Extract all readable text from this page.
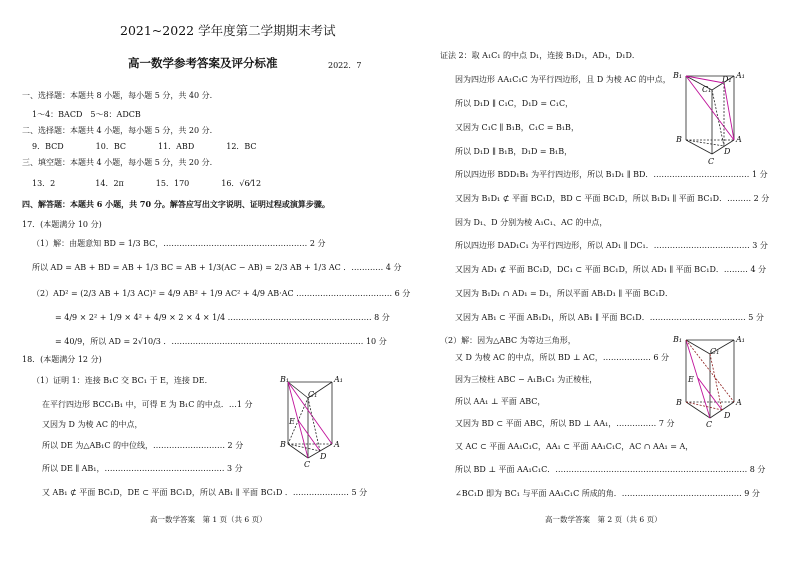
2021~2022 学年度第二学期期末考试
高一数学参考答案及评分标准	2022．7
一、选择题：本题共 8 小题，每小题 5 分，共 40 分.
1～4：BACD　5～8：ADCB
二、选择题：本题共 4 小题，每小题 5 分，共 20 分.
9．BCD　　　　10．BC　　　　11．ABD　　　　12．BC
三、填空题：本题共 4 小题，每小题 5 分，共 20 分.
13．2　　　　　14．2π　　　　15．170　　　　16．√6⁄12
四、解答题：本题共 6 小题，共 70 分。解答应写出文字说明、证明过程或演算步骤。
17．(本题满分 10 分)
（1）解：由题意知 BD = 1/3 BC，……………………………………………… 2 分
所以 AD = AB + BD = AB + 1/3 BC = AB + 1/3(AC − AB) = 2/3 AB + 1/3 AC ．………… 4 分
（2）AD² = (2/3 AB + 1/3 AC)² = 4/9 AB² + 1/9 AC² + 4/9 AB·AC ……………………………… 6 分
= 4/9 × 2² + 1/9 × 4² + 4/9 × 2 × 4 × 1/4 ……………………………………………… 8 分
= 40/9，所以 AD = 2√10/3 ．……………………………………………………………… 10 分
18．(本题满分 12 分)
（1）证明 1：连接 B₁C 交 BC₁ 于 E，连接 DE．
在平行四边形 BCC₁B₁ 中，可得 E 为 B₁C 的中点．…1 分
又因为 D 为棱 AC 的中点，
所以 DE 为△AB₁C 的中位线，……………………… 2 分
所以 DE ∥ AB₁，……………………………………… 3 分
又 AB₁ ⊄ 平面 BC₁D，DE ⊂ 平面 BC₁D，所以 AB₁ ∥ 平面 BC₁D ．………………… 5 分
高一数学答案　第 1 页（共 6 页）
B₁	A₁
C₁
E
B	A
D
C
证法 2：取 A₁C₁ 的中点 D₁，连接 B₁D₁，AD₁，D₁D．
因为四边形 AA₁C₁C 为平行四边形，且 D 为棱 AC 的中点，
所以 D₁D ∥ C₁C，D₁D = C₁C，
又因为 C₁C ∥ B₁B，C₁C = B₁B，
所以 D₁D ∥ B₁B，D₁D = B₁B，
所以四边形 BDD₁B₁ 为平行四边形，所以 B₁D₁ ∥ BD．……………………………… 1 分
又因为 B₁D₁ ⊄ 平面 BC₁D，BD ⊂ 平面 BC₁D，所以 B₁D₁ ∥ 平面 BC₁D．……… 2 分
因为 D₁、D 分别为棱 A₁C₁、AC 的中点，
所以四边形 DAD₁C₁ 为平行四边形，所以 AD₁ ∥ DC₁．……………………………… 3 分
又因为 AD₁ ⊄ 平面 BC₁D，DC₁ ⊂ 平面 BC₁D，所以 AD₁ ∥ 平面 BC₁D．……… 4 分
又因为 B₁D₁ ∩ AD₁ = D₁，所以平面 AB₁D₁ ∥ 平面 BC₁D．
又因为 AB₁ ⊂ 平面 AB₁D₁，所以 AB₁ ∥ 平面 BC₁D．……………………………… 5 分
（2）解：因为△ABC 为等边三角形，
又 D 为棱 AC 的中点，所以 BD ⊥ AC，……………… 6 分
因为三棱柱 ABC − A₁B₁C₁ 为正棱柱，
所以 AA₁ ⊥ 平面 ABC，
又因为 BD ⊂ 平面 ABC，所以 BD ⊥ AA₁，…………… 7 分
又 AC ⊂ 平面 AA₁C₁C，AA₁ ⊂ 平面 AA₁C₁C，AC ∩ AA₁ = A，
所以 BD ⊥ 平面 AA₁C₁C．……………………………………………………………… 8 分
∠BC₁D 即为 BC₁ 与平面 AA₁C₁C 所成的角．……………………………………… 9 分
高一数学答案　第 2 页（共 6 页）
B₁	A₁
C₁
D₁
B	A
D
C
B₁	A₁
C₁
E
B	A
D
C
